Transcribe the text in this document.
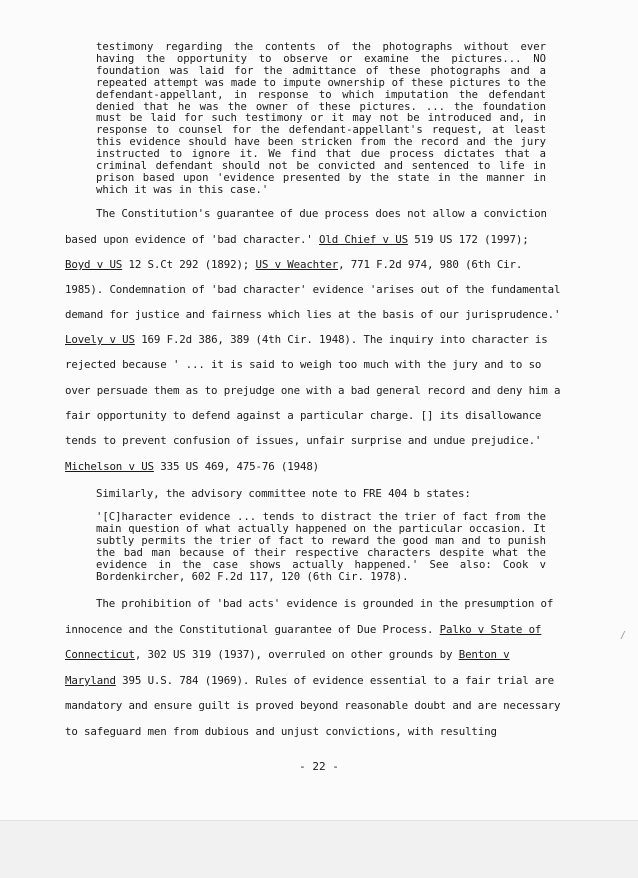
testimony regarding the contents of the photographs without ever having the opportunity to observe or examine the pictures... NO foundation was laid for the admittance of these photographs and a repeated attempt was made to impute ownership of these pictures to the defendant-appellant, in response to which imputation the defendant denied that he was the owner of these pictures. ... the foundation must be laid for such testimony or it may not be introduced and, in response to counsel for the defendant-appellant's request, at least this evidence should have been stricken from the record and the jury instructed to ignore it. We find that due process dictates that a criminal defendant should not be convicted and sentenced to life in prison based upon 'evidence presented by the state in the manner in which it was in this case.'
The Constitution's guarantee of due process does not allow a conviction
based upon evidence of 'bad character.' Old Chief v US 519 US 172 (1997);
Boyd v US 12 S.Ct 292 (1892); US v Weachter, 771 F.2d 974, 980 (6th Cir.
1985). Condemnation of 'bad character' evidence 'arises out of the fundamental
demand for justice and fairness which lies at the basis of our jurisprudence.'
Lovely v US 169 F.2d 386, 389 (4th Cir. 1948). The inquiry into character is
rejected because ' ... it is said to weigh too much with the jury and to so
over persuade them as to prejudge one with a bad general record and deny him a
fair opportunity to defend against a particular charge. [] its disallowance
tends to prevent confusion of issues, unfair surprise and undue prejudice.'
Michelson v US 335 US 469, 475-76 (1948)
Similarly, the advisory committee note to FRE 404 b states:
The prohibition of 'bad acts' evidence is grounded in the presumption of
innocence and the Constitutional guarantee of Due Process. Palko v State of
Connecticut, 302 US 319 (1937), overruled on other grounds by Benton v
Maryland 395 U.S. 784 (1969). Rules of evidence essential to a fair trial are
mandatory and ensure guilt is proved beyond reasonable doubt and are necessary
to safeguard men from dubious and unjust convictions, with resulting
'[C]haracter evidence ... tends to distract the trier of fact from the main question of what actually happened on the particular occasion. It subtly permits the trier of fact to reward the good man and to punish the bad man because of their respective characters despite what the evidence in the case shows actually happened.' See also: Cook v Bordenkircher, 602 F.2d 117, 120 (6th Cir. 1978).
- 22 -
/
